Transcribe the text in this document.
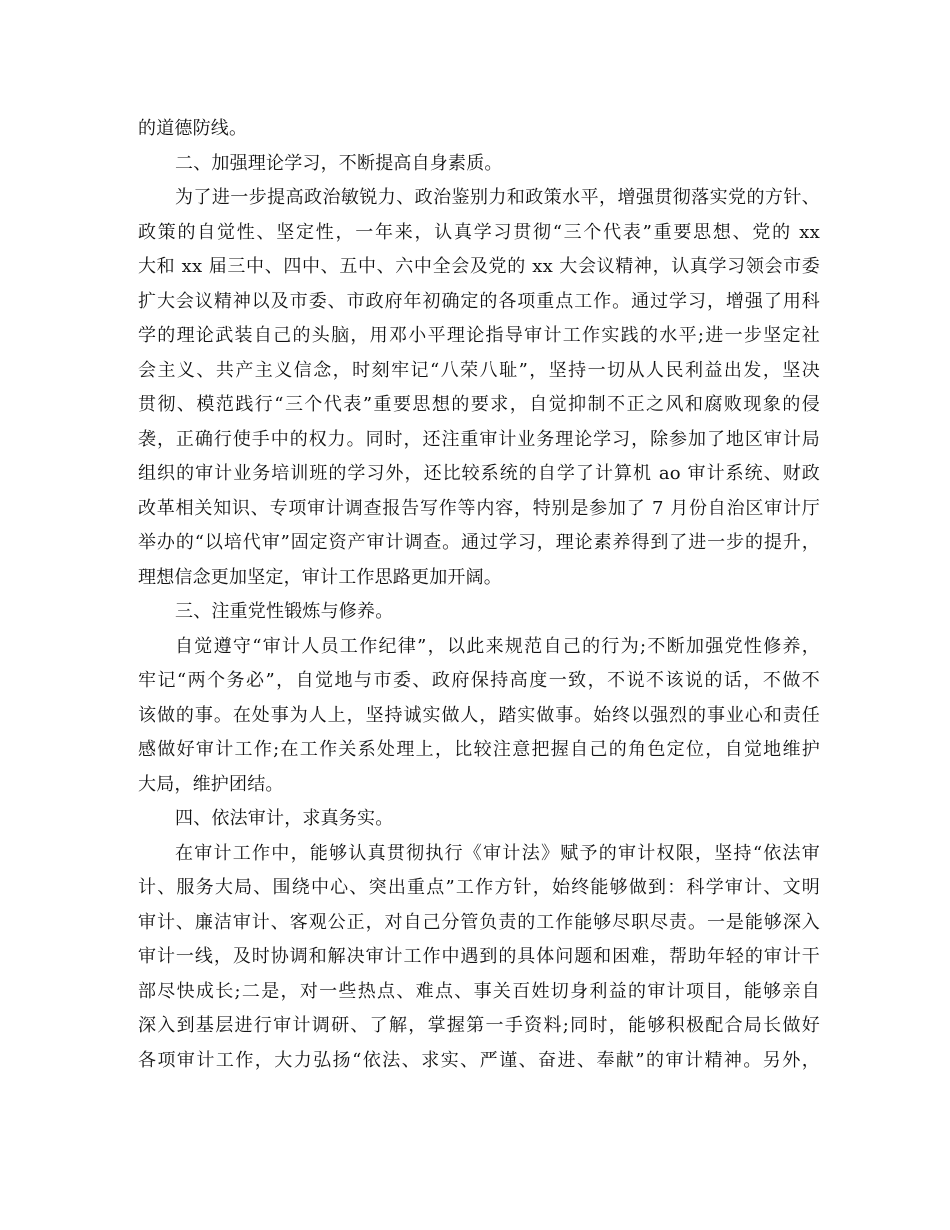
的道德防线。
二、加强理论学习，不断提高自身素质。
为了进一步提高政治敏锐力、政治鉴别力和政策水平，增强贯彻落实党的方针、
政策的自觉性、坚定性，一年来，认真学习贯彻“三个代表”重要思想、党的 xx
大和 xx 届三中、四中、五中、六中全会及党的 xx 大会议精神，认真学习领会市委
扩大会议精神以及市委、市政府年初确定的各项重点工作。通过学习，增强了用科
学的理论武装自己的头脑，用邓小平理论指导审计工作实践的水平;进一步坚定社
会主义、共产主义信念，时刻牢记“八荣八耻”，坚持一切从人民利益出发，坚决
贯彻、模范践行“三个代表”重要思想的要求，自觉抑制不正之风和腐败现象的侵
袭，正确行使手中的权力。同时，还注重审计业务理论学习，除参加了地区审计局
组织的审计业务培训班的学习外，还比较系统的自学了计算机 ao 审计系统、财政
改革相关知识、专项审计调查报告写作等内容，特别是参加了 7 月份自治区审计厅
举办的“以培代审”固定资产审计调查。通过学习，理论素养得到了进一步的提升，
理想信念更加坚定，审计工作思路更加开阔。
三、注重党性锻炼与修养。
自觉遵守“审计人员工作纪律”，以此来规范自己的行为;不断加强党性修养，
牢记“两个务必”，自觉地与市委、政府保持高度一致，不说不该说的话，不做不
该做的事。在处事为人上，坚持诚实做人，踏实做事。始终以强烈的事业心和责任
感做好审计工作;在工作关系处理上，比较注意把握自己的角色定位，自觉地维护
大局，维护团结。
四、依法审计，求真务实。
在审计工作中，能够认真贯彻执行《审计法》赋予的审计权限，坚持“依法审
计、服务大局、围绕中心、突出重点”工作方针，始终能够做到：科学审计、文明
审计、廉洁审计、客观公正，对自己分管负责的工作能够尽职尽责。一是能够深入
审计一线，及时协调和解决审计工作中遇到的具体问题和困难，帮助年轻的审计干
部尽快成长;二是，对一些热点、难点、事关百姓切身利益的审计项目，能够亲自
深入到基层进行审计调研、了解，掌握第一手资料;同时，能够积极配合局长做好
各项审计工作，大力弘扬“依法、求实、严谨、奋进、奉献”的审计精神。另外，
